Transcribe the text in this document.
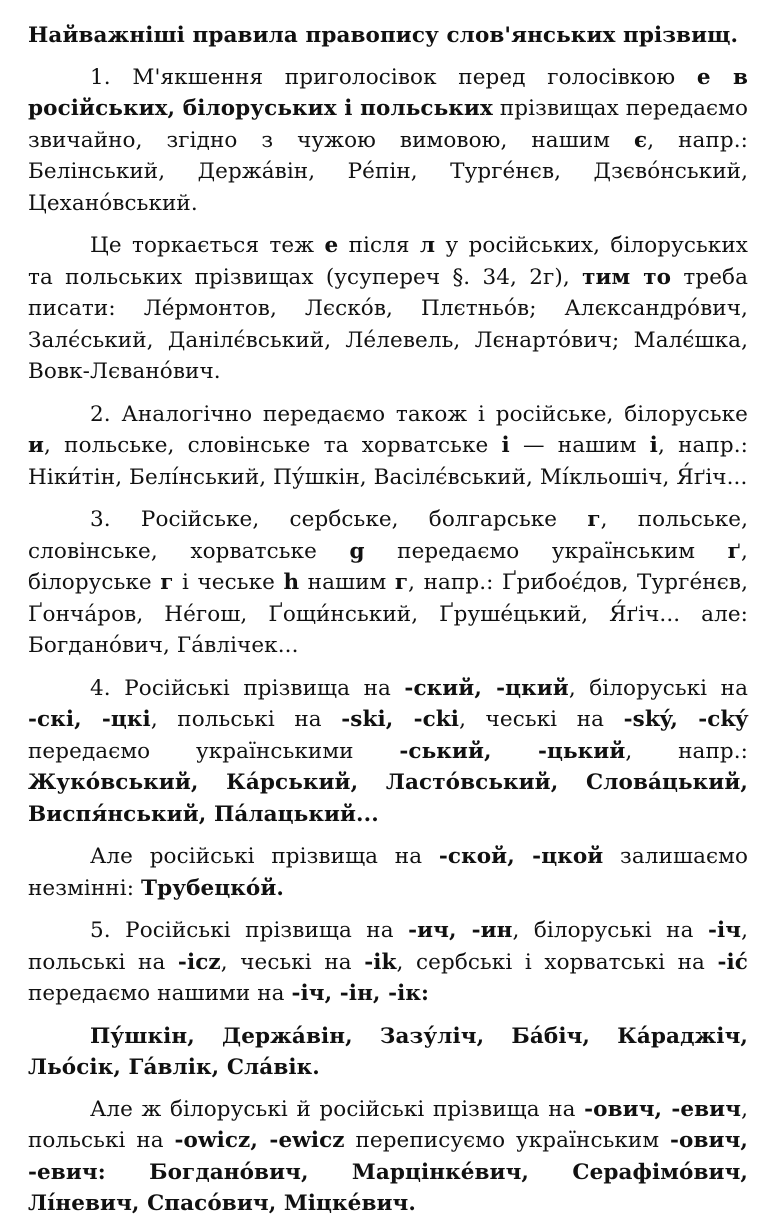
Найважніші правила правопису слов'янських прізвищ.
1. М'якшення приголосівок перед голосівкою е в російських, білоруських і польських прізвищах передаємо звичайно, згідно з чужою вимовою, нашим є, напр.: Белінський, Держа́він, Ре́пін, Турге́нєв, Дзєво́нський, Цехано́вський.
Це торкається теж е після л у російських, білоруських та польських прізвищах (усупереч §. 34, 2г), тим то треба писати: Ле́рмонтов, Лєско́в, Плєтньо́в; Алєксандро́вич, Залє́ський, Данілє́вський, Ле́левель, Лєнарто́вич; Малє́шка, Вовк-Лєвано́вич.
2. Аналогічно передаємо також і російське, білоруське и, польське, словінське та хорватське і — нашим і, напр.: Ніки́тін, Белі́нський, Пу́шкін, Васілє́вський, Мі́кльошіч, Я́ґіч...
3. Російське, сербське, болгарське г, польське, словінське, хорватське g передаємо українським ґ, білоруське г і чеське h нашим г, напр.: Ґрибоє́дов, Турге́нєв, Ґонча́ров, Не́гош, Ґощи́нський, Ґруше́цький, Я́ґіч... але: Богдано́вич, Га́влічек...
4. Російські прізвища на -ский, -цкий, білоруські на -скі, -цкі, польські на -ski, -cki, чеські на -ský, -cký передаємо українськими -ський, -цький, напр.: Жуко́вський, Ка́рський, Ласто́вський, Слова́цький, Виспя́нський, Па́лацький...
Але російські прізвища на -ской, -цкой залишаємо незмінні: Трубецко́й.
5. Російські прізвища на -ич, -ин, білоруські на -іч, польські на -icz, чеські на -ik, сербські і хорватські на -ić передаємо нашими на -іч, -ін, -ік:
Пу́шкін, Держа́він, Зазу́ліч, Ба́біч, Ка́раджіч, Льо́сік, Га́влік, Сла́вік.
Але ж білоруські й російські прізвища на -ович, -евич, польські на -owicz, -ewicz переписуємо українським -ович, -евич: Богдано́вич, Марцінке́вич, Серафімо́вич, Лі́невич, Спасо́вич, Міцке́вич.
